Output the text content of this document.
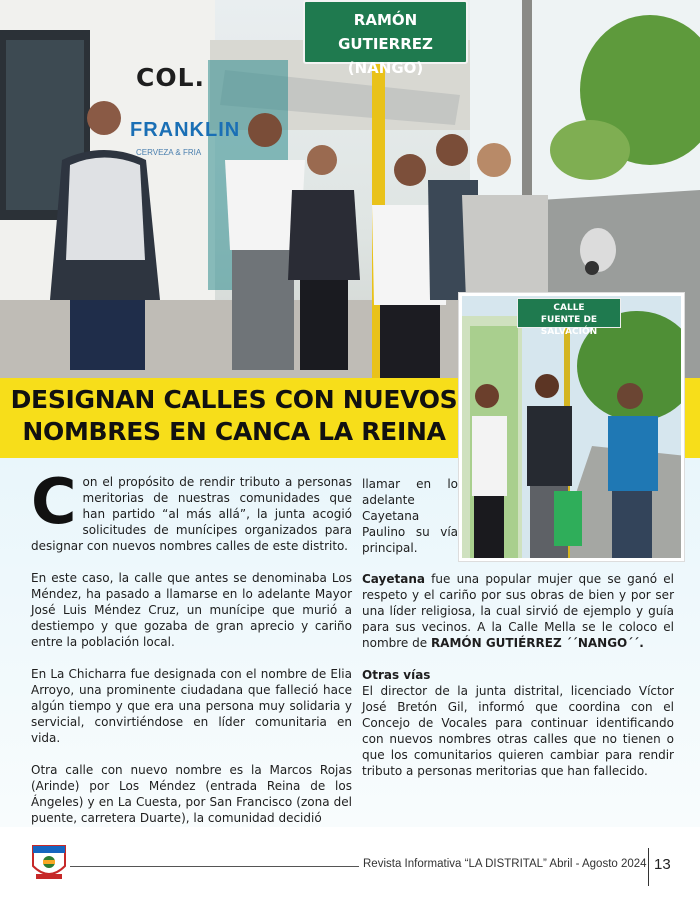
COL.
FRANKLIN
CERVEZA & FRIA
RAMÓN GUTIERREZ
(NANGO)
DESIGNAN CALLES CON NUEVOS
NOMBRES EN CANCA LA REINA
CALLE
FUENTE DE SALVACIÓN

C on el propósito de rendir tributo a personas meritorias de nuestras comunidades que han partido “al más allá”, la junta acogió solicitudes de munícipes organizados para designar con nuevos nombres calles de este distrito.

En este caso, la calle que antes se denominaba Los Méndez, ha pasado a llamarse en lo adelante Mayor José Luis Méndez Cruz, un munícipe que murió a destiempo y que gozaba de gran aprecio y cariño entre la población local.

En La Chicharra fue designada con el nombre de Elia Arroyo, una prominente ciudadana que falleció hace algún tiempo y que era una persona muy solidaria y servicial, convirtiéndose en líder comunitaria en vida.

Otra calle con nuevo nombre es la Marcos Rojas (Arinde) por Los Méndez (entrada Reina de los Ángeles) y en La Cuesta, por San Francisco (zona del puente, carretera Duarte), la comunidad decidió

llamar en lo
adelante
Cayetana
Paulino su vía
principal.

Cayetana fue una popular mujer que se ganó el respeto y el cariño por sus obras de bien y por ser una líder religiosa, la cual sirvió de ejemplo y guía para sus vecinos. A la Calle Mella se le coloco el nombre de RAMÓN GUTIÉRREZ ´´NANGO´´.

Otras vías

El director de la junta distrital, licenciado Víctor José Bretón Gil, informó que coordina con el Concejo de Vocales para continuar identificando con nuevos nombres otras calles que no tienen o que los comunitarios quieren cambiar para rendir tributo a personas meritorias que han fallecido.

Revista Informativa “LA DISTRITAL” Abril - Agosto 2024 13
